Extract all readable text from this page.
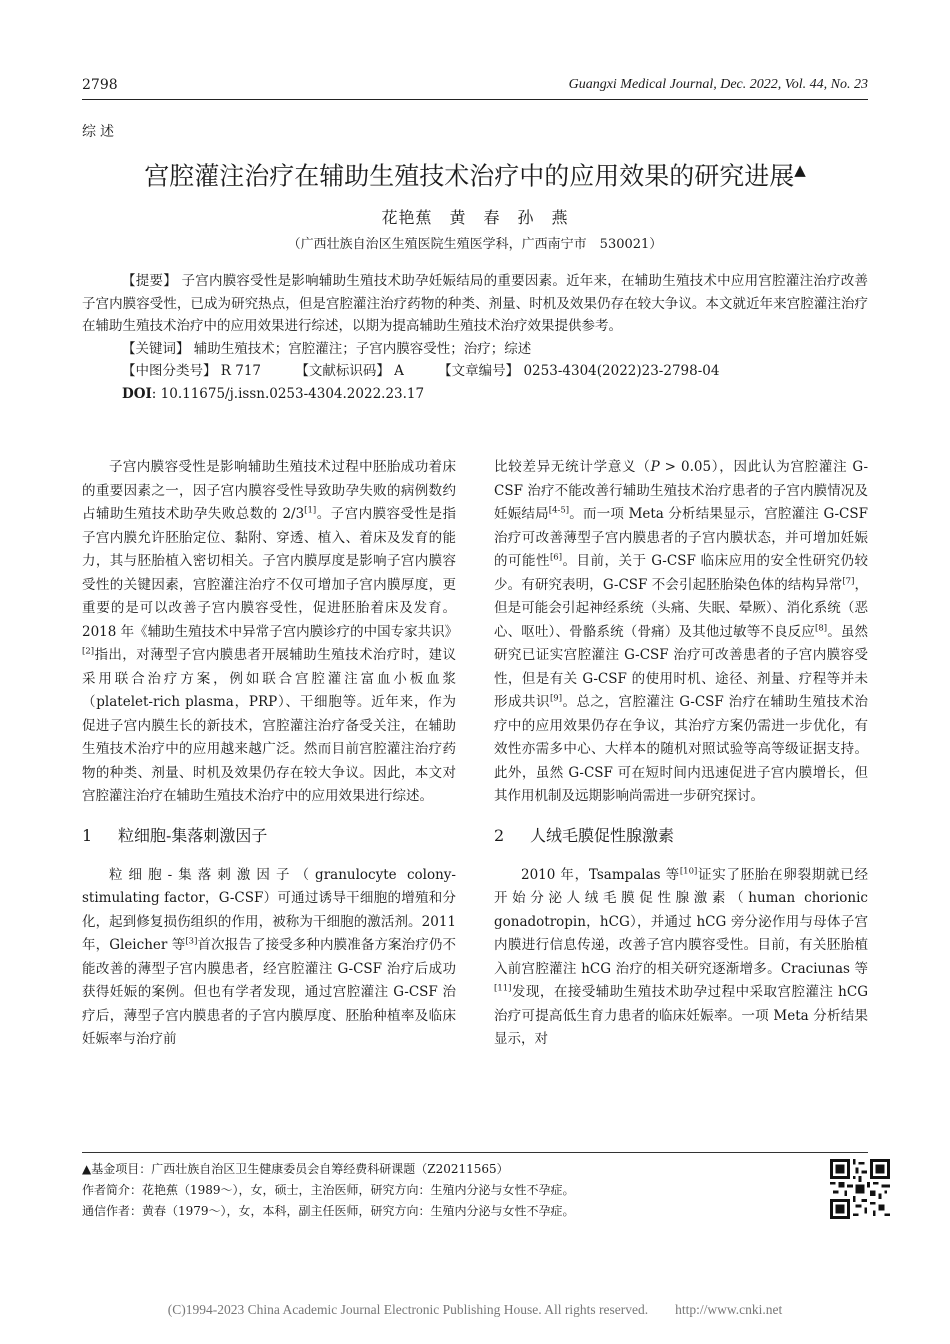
2798	Guangxi Medical Journal, Dec. 2022, Vol. 44, No. 23
综述
宫腔灌注治疗在辅助生殖技术治疗中的应用效果的研究进展▲
花艳蕉　黄　春　孙　燕
（广西壮族自治区生殖医院生殖医学科，广西南宁市　530021）

【提要】 子宫内膜容受性是影响辅助生殖技术助孕妊娠结局的重要因素。近年来，在辅助生殖技术中应用宫腔灌注治疗改善子宫内膜容受性，已成为研究热点，但是宫腔灌注治疗药物的种类、剂量、时机及效果仍存在较大争议。本文就近年来宫腔灌注治疗在辅助生殖技术治疗中的应用效果进行综述，以期为提高辅助生殖技术治疗效果提供参考。

【关键词】 辅助生殖技术；宫腔灌注；子宫内膜容受性；治疗；综述

【中图分类号】 R 717	【文献标识码】 A	【文章编号】 0253-4304(2022)23-2798-04

DOI: 10.11675/j.issn.0253-4304.2022.23.17

子宫内膜容受性是影响辅助生殖技术过程中胚胎成功着床的重要因素之一，因子宫内膜容受性导致助孕失败的病例数约占辅助生殖技术助孕失败总数的 2/3[1]。子宫内膜容受性是指子宫内膜允许胚胎定位、黏附、穿透、植入、着床及发育的能力，其与胚胎植入密切相关。子宫内膜厚度是影响子宫内膜容受性的关键因素，宫腔灌注治疗不仅可增加子宫内膜厚度，更重要的是可以改善子宫内膜容受性，促进胚胎着床及发育。2018 年《辅助生殖技术中异常子宫内膜诊疗的中国专家共识》[2]指出，对薄型子宫内膜患者开展辅助生殖技术治疗时，建议采用联合治疗方案，例如联合宫腔灌注富血小板血浆（platelet-rich plasma，PRP）、干细胞等。近年来，作为促进子宫内膜生长的新技术，宫腔灌注治疗备受关注，在辅助生殖技术治疗中的应用越来越广泛。然而目前宫腔灌注治疗药物的种类、剂量、时机及效果仍存在较大争议。因此，本文对宫腔灌注治疗在辅助生殖技术治疗中的应用效果进行综述。

1 粒细胞-集落刺激因子

粒细胞-集落刺激因子（granulocyte colony-stimulating factor，G-CSF）可通过诱导干细胞的增殖和分化，起到修复损伤组织的作用，被称为干细胞的激活剂。2011 年，Gleicher 等[3]首次报告了接受多种内膜准备方案治疗仍不能改善的薄型子宫内膜患者，经宫腔灌注 G-CSF 治疗后成功获得妊娠的案例。但也有学者发现，通过宫腔灌注 G-CSF 治疗后，薄型子宫内膜患者的子宫内膜厚度、胚胎种植率及临床妊娠率与治疗前

比较差异无统计学意义（P > 0.05），因此认为宫腔灌注 G-CSF 治疗不能改善行辅助生殖技术治疗患者的子宫内膜情况及妊娠结局[4-5]。而一项 Meta 分析结果显示，宫腔灌注 G-CSF 治疗可改善薄型子宫内膜患者的子宫内膜状态，并可增加妊娠的可能性[6]。目前，关于 G-CSF 临床应用的安全性研究仍较少。有研究表明，G-CSF 不会引起胚胎染色体的结构异常[7]，但是可能会引起神经系统（头痛、失眠、晕厥）、消化系统（恶心、呕吐）、骨骼系统（骨痛）及其他过敏等不良反应[8]。虽然研究已证实宫腔灌注 G-CSF 治疗可改善患者的子宫内膜容受性，但是有关 G-CSF 的使用时机、途径、剂量、疗程等并未形成共识[9]。总之，宫腔灌注 G-CSF 治疗在辅助生殖技术治疗中的应用效果仍存在争议，其治疗方案仍需进一步优化，有效性亦需多中心、大样本的随机对照试验等高等级证据支持。此外，虽然 G-CSF 可在短时间内迅速促进子宫内膜增长，但其作用机制及远期影响尚需进一步研究探讨。

2 人绒毛膜促性腺激素

2010 年，Tsampalas 等[10]证实了胚胎在卵裂期就已经开始分泌人绒毛膜促性腺激素（human chorionic gonadotropin，hCG），并通过 hCG 旁分泌作用与母体子宫内膜进行信息传递，改善子宫内膜容受性。目前，有关胚胎植入前宫腔灌注 hCG 治疗的相关研究逐渐增多。Craciunas 等[11]发现，在接受辅助生殖技术助孕过程中采取宫腔灌注 hCG 治疗可提高低生育力患者的临床妊娠率。一项 Meta 分析结果显示，对

▲基金项目：广西壮族自治区卫生健康委员会自筹经费科研课题（Z20211565）

作者简介：花艳蕉（1989～），女，硕士，主治医师，研究方向：生殖内分泌与女性不孕症。

通信作者：黄春（1979～），女，本科，副主任医师，研究方向：生殖内分泌与女性不孕症。

(C)1994-2023 China Academic Journal Electronic Publishing House. All rights reserved.　　http://www.cnki.net
